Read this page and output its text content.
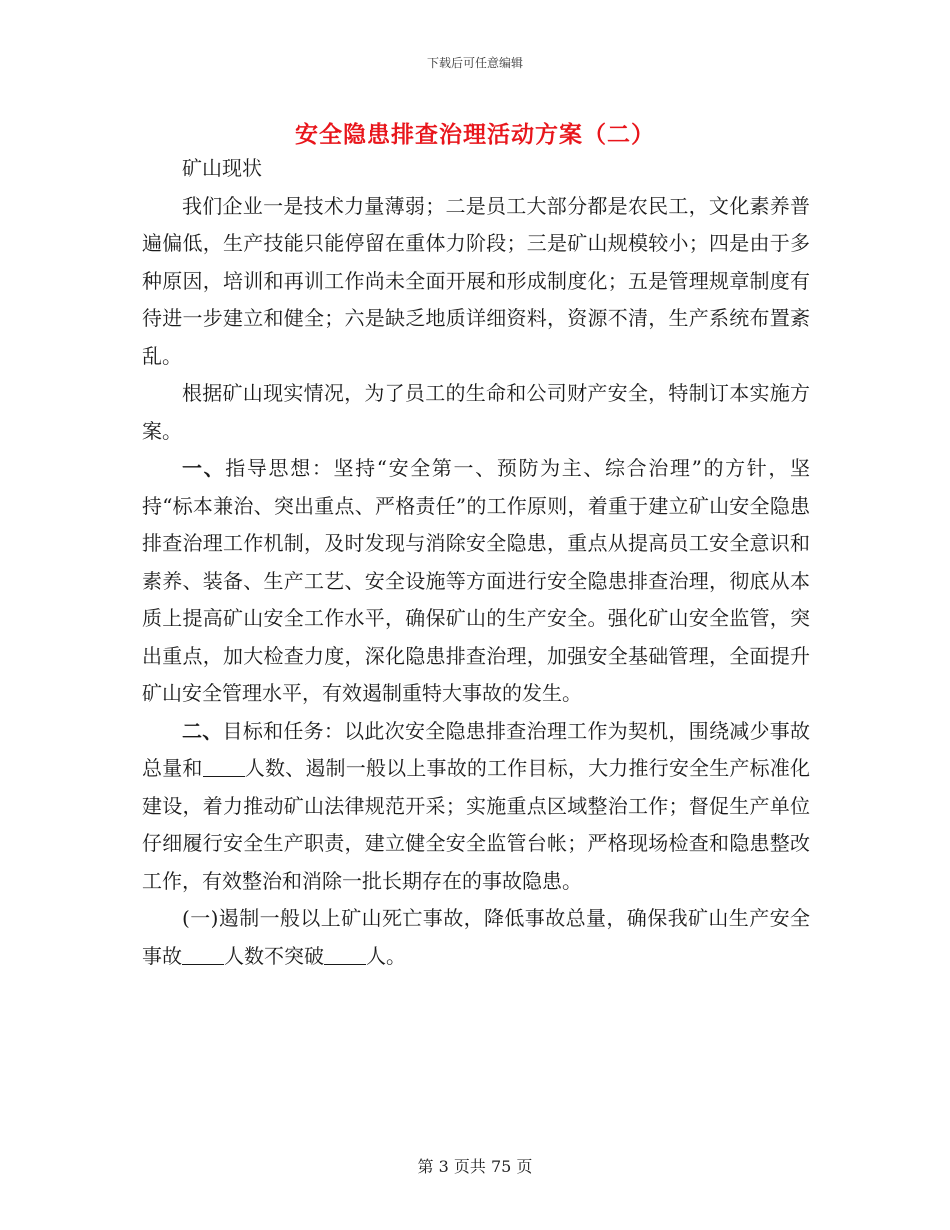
下载后可任意编辑
安全隐患排查治理活动方案（二）

矿山现状

我们企业一是技术力量薄弱；二是员工大部分都是农民工，文化素养普遍偏低，生产技能只能停留在重体力阶段；三是矿山规模较小；四是由于多种原因，培训和再训工作尚未全面开展和形成制度化；五是管理规章制度有待进一步建立和健全；六是缺乏地质详细资料，资源不清，生产系统布置紊乱。

根据矿山现实情况，为了员工的生命和公司财产安全，特制订本实施方案。

一、指导思想：坚持“安全第一、预防为主、综合治理”的方针，坚持“标本兼治、突出重点、严格责任”的工作原则，着重于建立矿山安全隐患排查治理工作机制，及时发现与消除安全隐患，重点从提高员工安全意识和素养、装备、生产工艺、安全设施等方面进行安全隐患排查治理，彻底从本质上提高矿山安全工作水平，确保矿山的生产安全。强化矿山安全监管，突出重点，加大检查力度，深化隐患排查治理，加强安全基础管理，全面提升矿山安全管理水平，有效遏制重特大事故的发生。

二、目标和任务：以此次安全隐患排查治理工作为契机，围绕减少事故总量和 人数、遏制一般以上事故的工作目标，大力推行安全生产标准化建设，着力推动矿山法律规范开采；实施重点区域整治工作；督促生产单位仔细履行安全生产职责，建立健全安全监管台帐；严格现场检查和隐患整改工作，有效整治和消除一批长期存在的事故隐患。

(一)遏制一般以上矿山死亡事故，降低事故总量，确保我矿山生产安全事故 人数不突破 人。

第 3 页共 75 页
